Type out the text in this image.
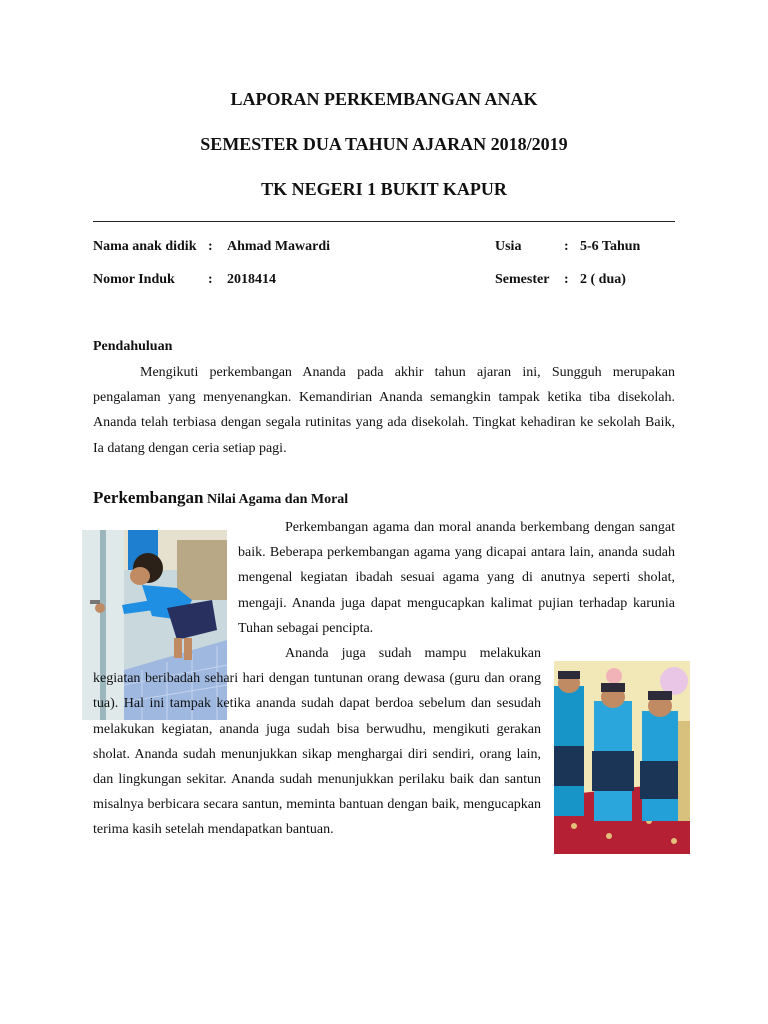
LAPORAN PERKEMBANGAN ANAK
SEMESTER DUA TAHUN AJARAN 2018/2019
TK NEGERI 1 BUKIT KAPUR
Nama anak didik : Ahmad Mawardi
Nomor Induk : 2018414
Usia	: 5-6 Tahun
Semester : 2 ( dua)
Pendahuluan

Mengikuti perkembangan Ananda pada akhir tahun ajaran ini, Sungguh merupakan pengalaman yang menyenangkan. Kemandirian Ananda semangkin tampak ketika tiba disekolah. Ananda telah terbiasa dengan segala rutinitas yang ada disekolah. Tingkat kehadiran ke sekolah Baik, Ia datang dengan ceria setiap pagi.

Perkembangan Nilai Agama dan Moral

Perkembangan agama dan moral ananda berkembang dengan sangat baik. Beberapa perkembangan agama yang dicapai antara lain, ananda sudah mengenal kegiatan ibadah sesuai agama yang di anutnya seperti sholat, mengaji. Ananda juga dapat mengucapkan kalimat pujian terhadap karunia Tuhan sebagai pencipta.

Ananda juga sudah mampu melakukan kegiatan beribadah sehari hari dengan tuntunan orang dewasa (guru dan orang tua). Hal ini tampak ketika ananda sudah dapat berdoa sebelum dan sesudah melakukan kegiatan, ananda juga sudah bisa berwudhu, mengikuti gerakan sholat. Ananda sudah menunjukkan sikap menghargai diri sendiri, orang lain, dan lingkungan sekitar. Ananda sudah menunjukkan perilaku baik dan santun misalnya berbicara secara santun, meminta bantuan dengan baik, mengucapkan terima kasih setelah mendapatkan bantuan.
